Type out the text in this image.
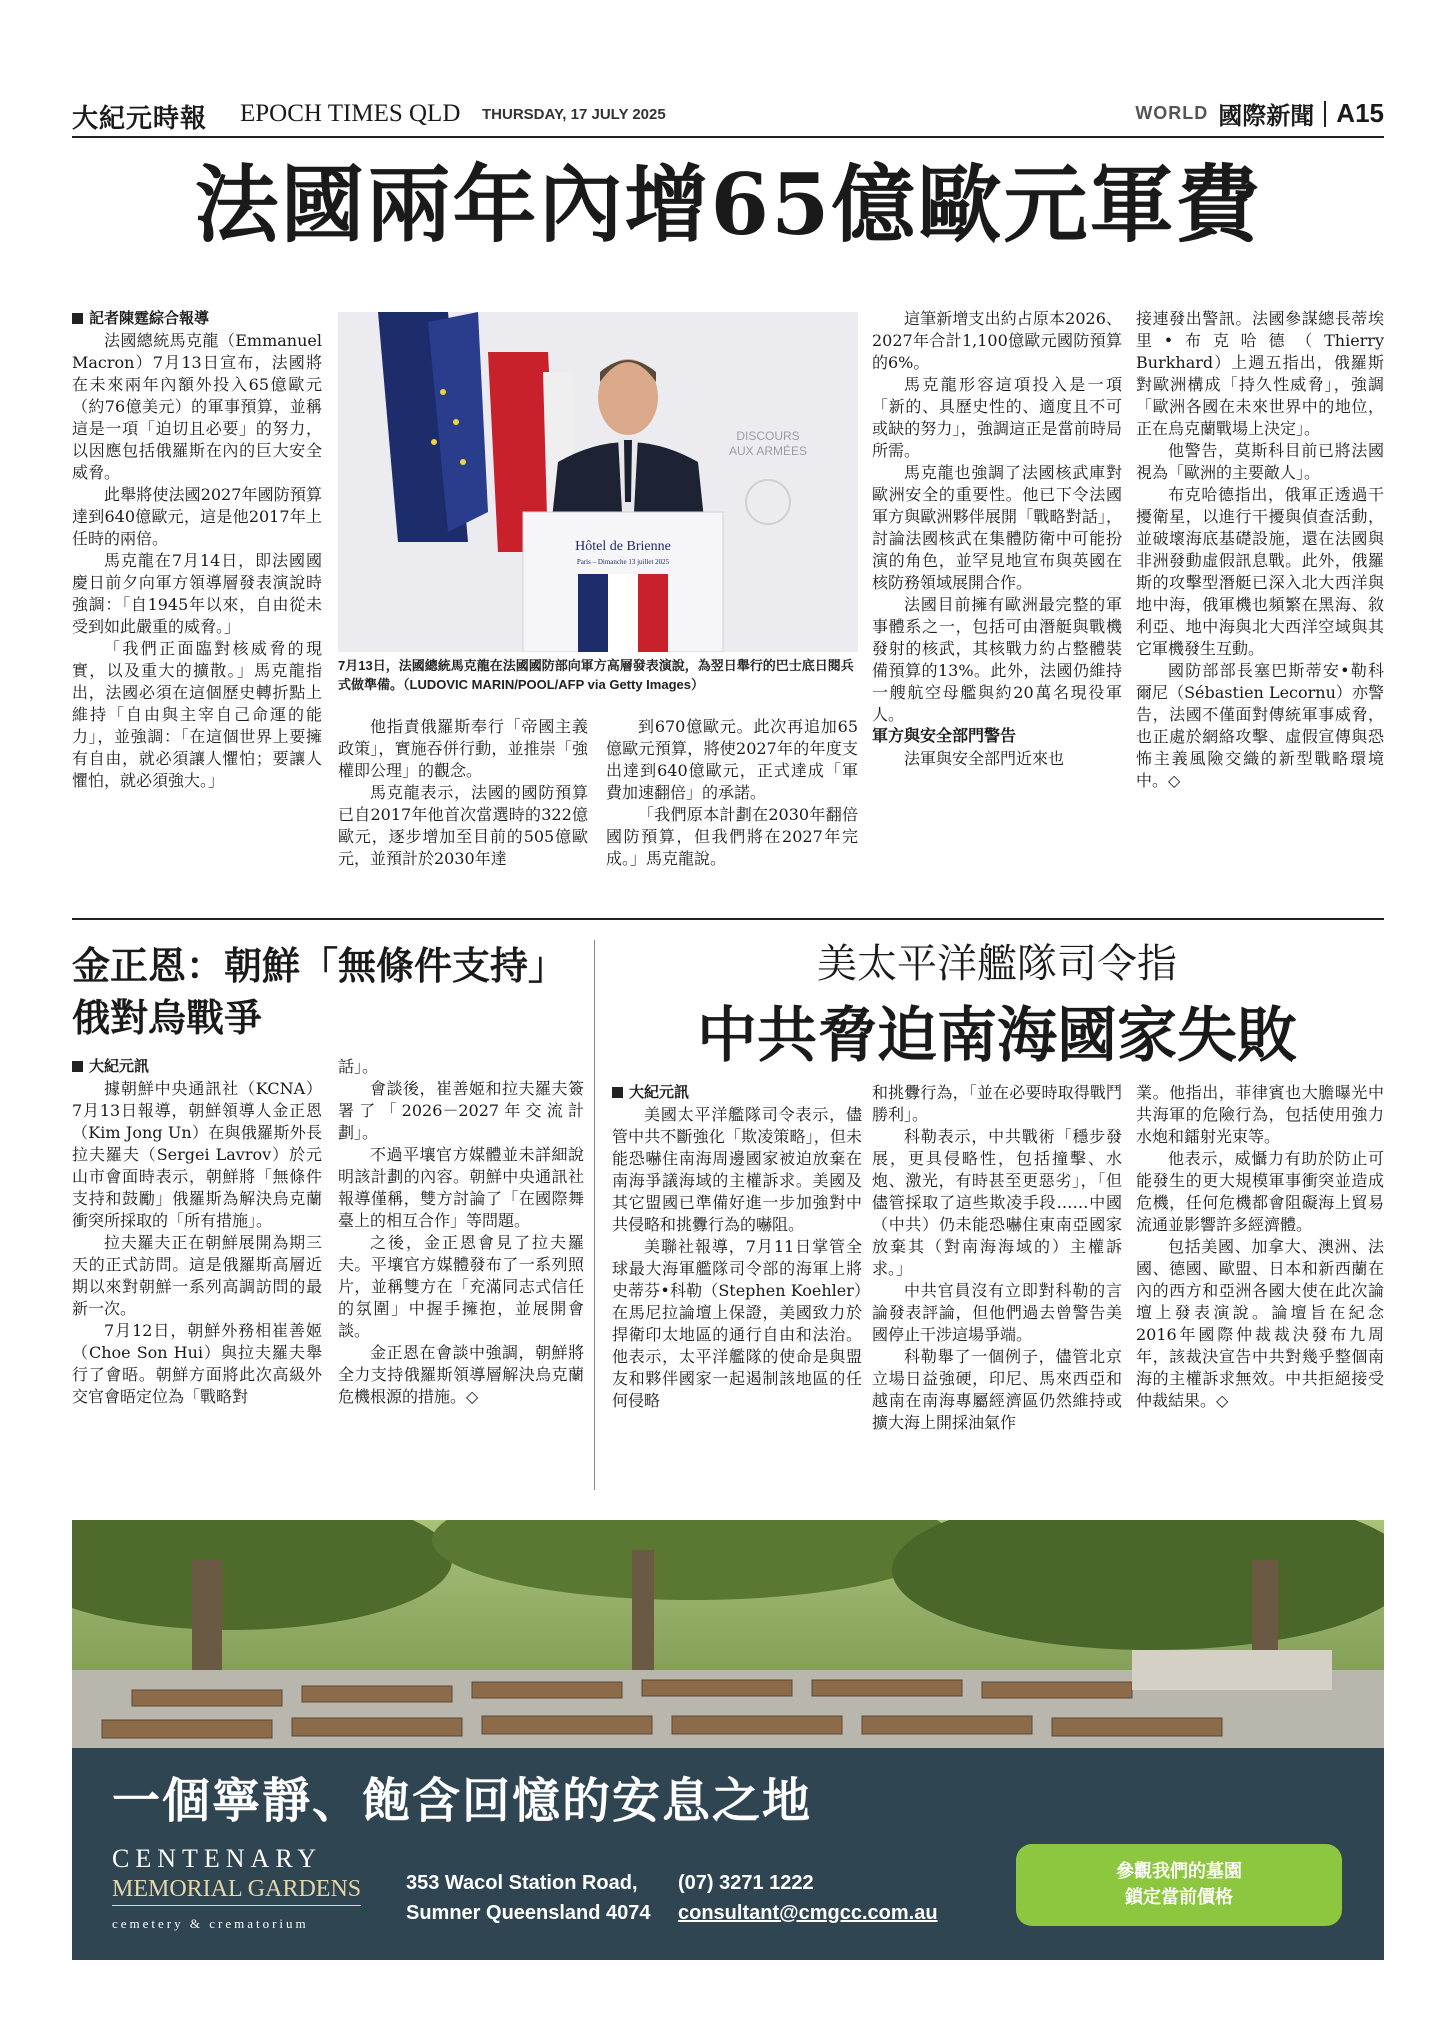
大紀元時報 EPOCH TIMES QLD THURSDAY, 17 JULY 2025	WORLD 國際新聞 A15
法國兩年內增65億歐元軍費

記者陳霆綜合報導

法國總統馬克龍（Emmanuel Macron）7月13日宣布，法國將在未來兩年內額外投入65億歐元（約76億美元）的軍事預算，並稱這是一項「迫切且必要」的努力，以因應包括俄羅斯在內的巨大安全威脅。

此舉將使法國2027年國防預算達到640億歐元，這是他2017年上任時的兩倍。

馬克龍在7月14日，即法國國慶日前夕向軍方領導層發表演說時強調：「自1945年以來，自由從未受到如此嚴重的威脅。」

「我們正面臨對核威脅的現實，以及重大的擴散。」馬克龍指出，法國必須在這個歷史轉折點上維持「自由與主宰自己命運的能力」，並強調：「在這個世界上要擁有自由，就必須讓人懼怕；要讓人懼怕，就必須強大。」

DISCOURS
AUX ARMÉES
Hôtel de Brienne
Paris – Dimanche 13 juillet 2025
7月13日，法國總統馬克龍在法國國防部向軍方高層發表演說，為翌日舉行的巴士底日閱兵式做準備。（LUDOVIC MARIN/POOL/AFP via Getty Images）

他指責俄羅斯奉行「帝國主義政策」，實施吞併行動，並推崇「強權即公理」的觀念。

馬克龍表示，法國的國防預算已自2017年他首次當選時的322億歐元，逐步增加至目前的505億歐元，並預計於2030年達

到670億歐元。此次再追加65億歐元預算，將使2027年的年度支出達到640億歐元，正式達成「軍費加速翻倍」的承諾。

「我們原本計劃在2030年翻倍國防預算，但我們將在2027年完成。」馬克龍說。

這筆新增支出約占原本2026、2027年合計1,100億歐元國防預算的6%。

馬克龍形容這項投入是一項「新的、具歷史性的、適度且不可或缺的努力」，強調這正是當前時局所需。

馬克龍也強調了法國核武庫對歐洲安全的重要性。他已下令法國軍方與歐洲夥伴展開「戰略對話」，討論法國核武在集體防衛中可能扮演的角色，並罕見地宣布與英國在核防務領域展開合作。

法國目前擁有歐洲最完整的軍事體系之一，包括可由潛艇與戰機發射的核武，其核戰力約占整體裝備預算的13%。此外，法國仍維持一艘航空母艦與約20萬名現役軍人。

軍方與安全部門警告

法軍與安全部門近來也

接連發出警訊。法國參謀總長蒂埃里•布克哈德（Thierry Burkhard）上週五指出，俄羅斯對歐洲構成「持久性威脅」，強調「歐洲各國在未來世界中的地位，正在烏克蘭戰場上決定」。

他警告，莫斯科目前已將法國視為「歐洲的主要敵人」。

布克哈德指出，俄軍正透過干擾衛星，以進行干擾與偵查活動，並破壞海底基礎設施，還在法國與非洲發動虛假訊息戰。此外，俄羅斯的攻擊型潛艇已深入北大西洋與地中海，俄軍機也頻繁在黑海、敘利亞、地中海與北大西洋空域與其它軍機發生互動。

國防部部長塞巴斯蒂安•勒科爾尼（Sébastien Lecornu）亦警告，法國不僅面對傳統軍事威脅，也正處於網絡攻擊、虛假宣傳與恐怖主義風險交織的新型戰略環境中。◇

金正恩：朝鮮「無條件支持」俄對烏戰爭

大紀元訊

據朝鮮中央通訊社（KCNA）7月13日報導，朝鮮領導人金正恩（Kim Jong Un）在與俄羅斯外長拉夫羅夫（Sergei Lavrov）於元山市會面時表示，朝鮮將「無條件支持和鼓勵」俄羅斯為解決烏克蘭衝突所採取的「所有措施」。

拉夫羅夫正在朝鮮展開為期三天的正式訪問。這是俄羅斯高層近期以來對朝鮮一系列高調訪問的最新一次。

7月12日，朝鮮外務相崔善姬（Choe Son Hui）與拉夫羅夫舉行了會晤。朝鮮方面將此次高級外交官會晤定位為「戰略對

話」。

會談後，崔善姬和拉夫羅夫簽署了「2026－2027年交流計劃」。

不過平壤官方媒體並未詳細說明該計劃的內容。朝鮮中央通訊社報導僅稱，雙方討論了「在國際舞臺上的相互合作」等問題。

之後，金正恩會見了拉夫羅夫。平壤官方媒體發布了一系列照片，並稱雙方在「充滿同志式信任的氛圍」中握手擁抱，並展開會談。

金正恩在會談中強調，朝鮮將全力支持俄羅斯領導層解決烏克蘭危機根源的措施。◇

美太平洋艦隊司令指
中共脅迫南海國家失敗

大紀元訊

美國太平洋艦隊司令表示，儘管中共不斷強化「欺凌策略」，但未能恐嚇住南海周邊國家被迫放棄在南海爭議海域的主權訴求。美國及其它盟國已準備好進一步加強對中共侵略和挑釁行為的嚇阻。

美聯社報導，7月11日掌管全球最大海軍艦隊司令部的海軍上將史蒂芬•科勒（Stephen Koehler）在馬尼拉論壇上保證，美國致力於捍衛印太地區的通行自由和法治。他表示，太平洋艦隊的使命是與盟友和夥伴國家一起遏制該地區的任何侵略

和挑釁行為，「並在必要時取得戰鬥勝利」。

科勒表示，中共戰術「穩步發展，更具侵略性，包括撞擊、水炮、激光，有時甚至更惡劣」，「但儘管採取了這些欺凌手段……中國（中共）仍未能恐嚇住東南亞國家放棄其（對南海海域的）主權訴求。」

中共官員沒有立即對科勒的言論發表評論，但他們過去曾警告美國停止干涉這場爭端。

科勒舉了一個例子，儘管北京立場日益強硬，印尼、馬來西亞和越南在南海專屬經濟區仍然維持或擴大海上開採油氣作

業。他指出，菲律賓也大膽曝光中共海軍的危險行為，包括使用強力水炮和鐳射光束等。

他表示，威懾力有助於防止可能發生的更大規模軍事衝突並造成危機，任何危機都會阻礙海上貿易流通並影響許多經濟體。

包括美國、加拿大、澳洲、法國、德國、歐盟、日本和新西蘭在內的西方和亞洲各國大使在此次論壇上發表演說。論壇旨在紀念2016年國際仲裁裁決發布九周年，該裁決宣告中共對幾乎整個南海的主權訴求無效。中共拒絕接受仲裁結果。◇

一個寧靜、飽含回憶的安息之地
CENTENARY
MEMORIAL GARDENS
cemetery & crematorium
353 Wacol Station Road,
Sumner Queensland 4074
(07) 3271 1222
consultant@cmgcc.com.au
參觀我們的墓園
鎖定當前價格
